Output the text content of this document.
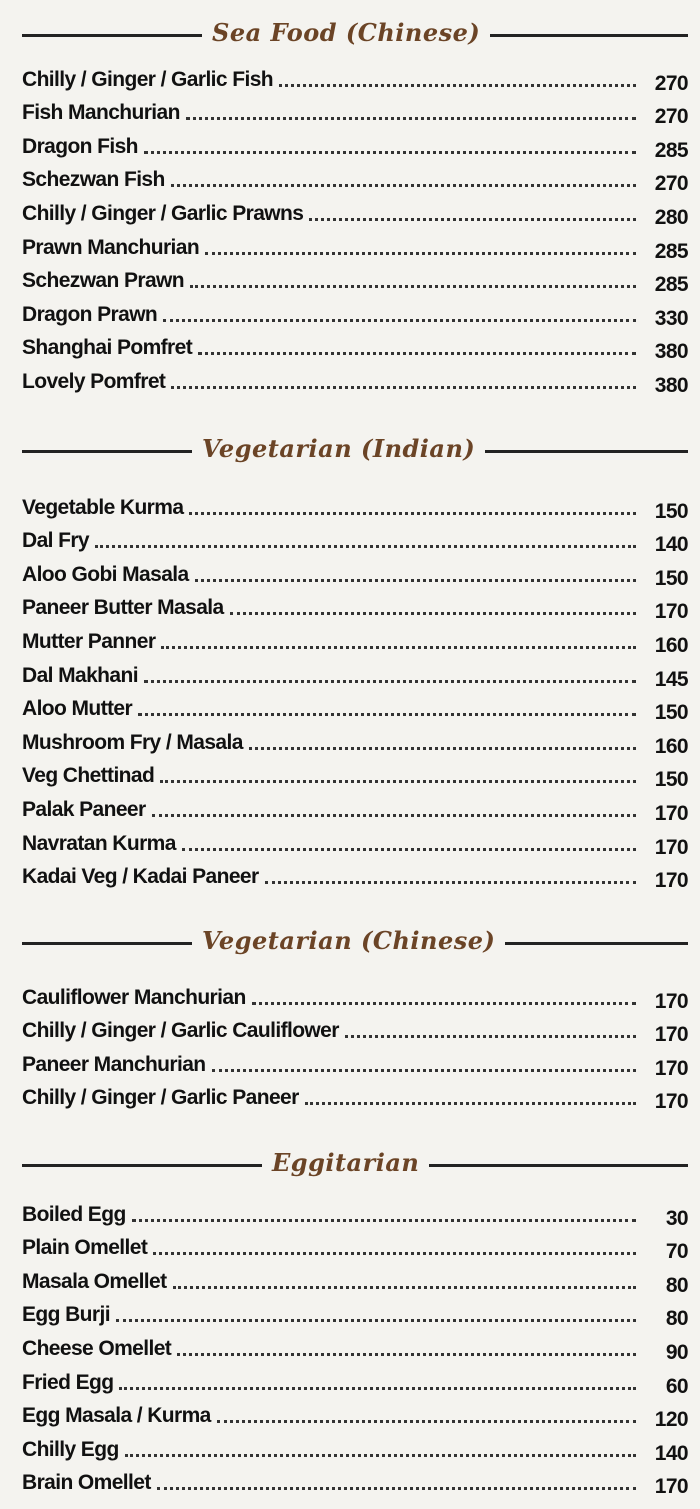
Sea Food (Chinese)
Chilly / Ginger / Garlic Fish	270
Fish Manchurian	270
Dragon Fish	285
Schezwan Fish	270
Chilly / Ginger / Garlic Prawns	280
Prawn Manchurian	285
Schezwan Prawn	285
Dragon Prawn	330
Shanghai Pomfret	380
Lovely Pomfret	380
Vegetarian (Indian)
Vegetable Kurma	150
Dal Fry	140
Aloo Gobi Masala	150
Paneer Butter Masala	170
Mutter Panner	160
Dal Makhani	145
Aloo Mutter	150
Mushroom Fry / Masala	160
Veg Chettinad	150
Palak Paneer	170
Navratan Kurma	170
Kadai Veg / Kadai Paneer	170
Vegetarian (Chinese)
Cauliflower Manchurian	170
Chilly / Ginger / Garlic Cauliflower	170
Paneer Manchurian	170
Chilly / Ginger / Garlic Paneer	170
Eggitarian
Boiled Egg	30
Plain Omellet	70
Masala Omellet	80
Egg Burji	80
Cheese Omellet	90
Fried Egg	60
Egg Masala / Kurma	120
Chilly Egg	140
Brain Omellet	170
